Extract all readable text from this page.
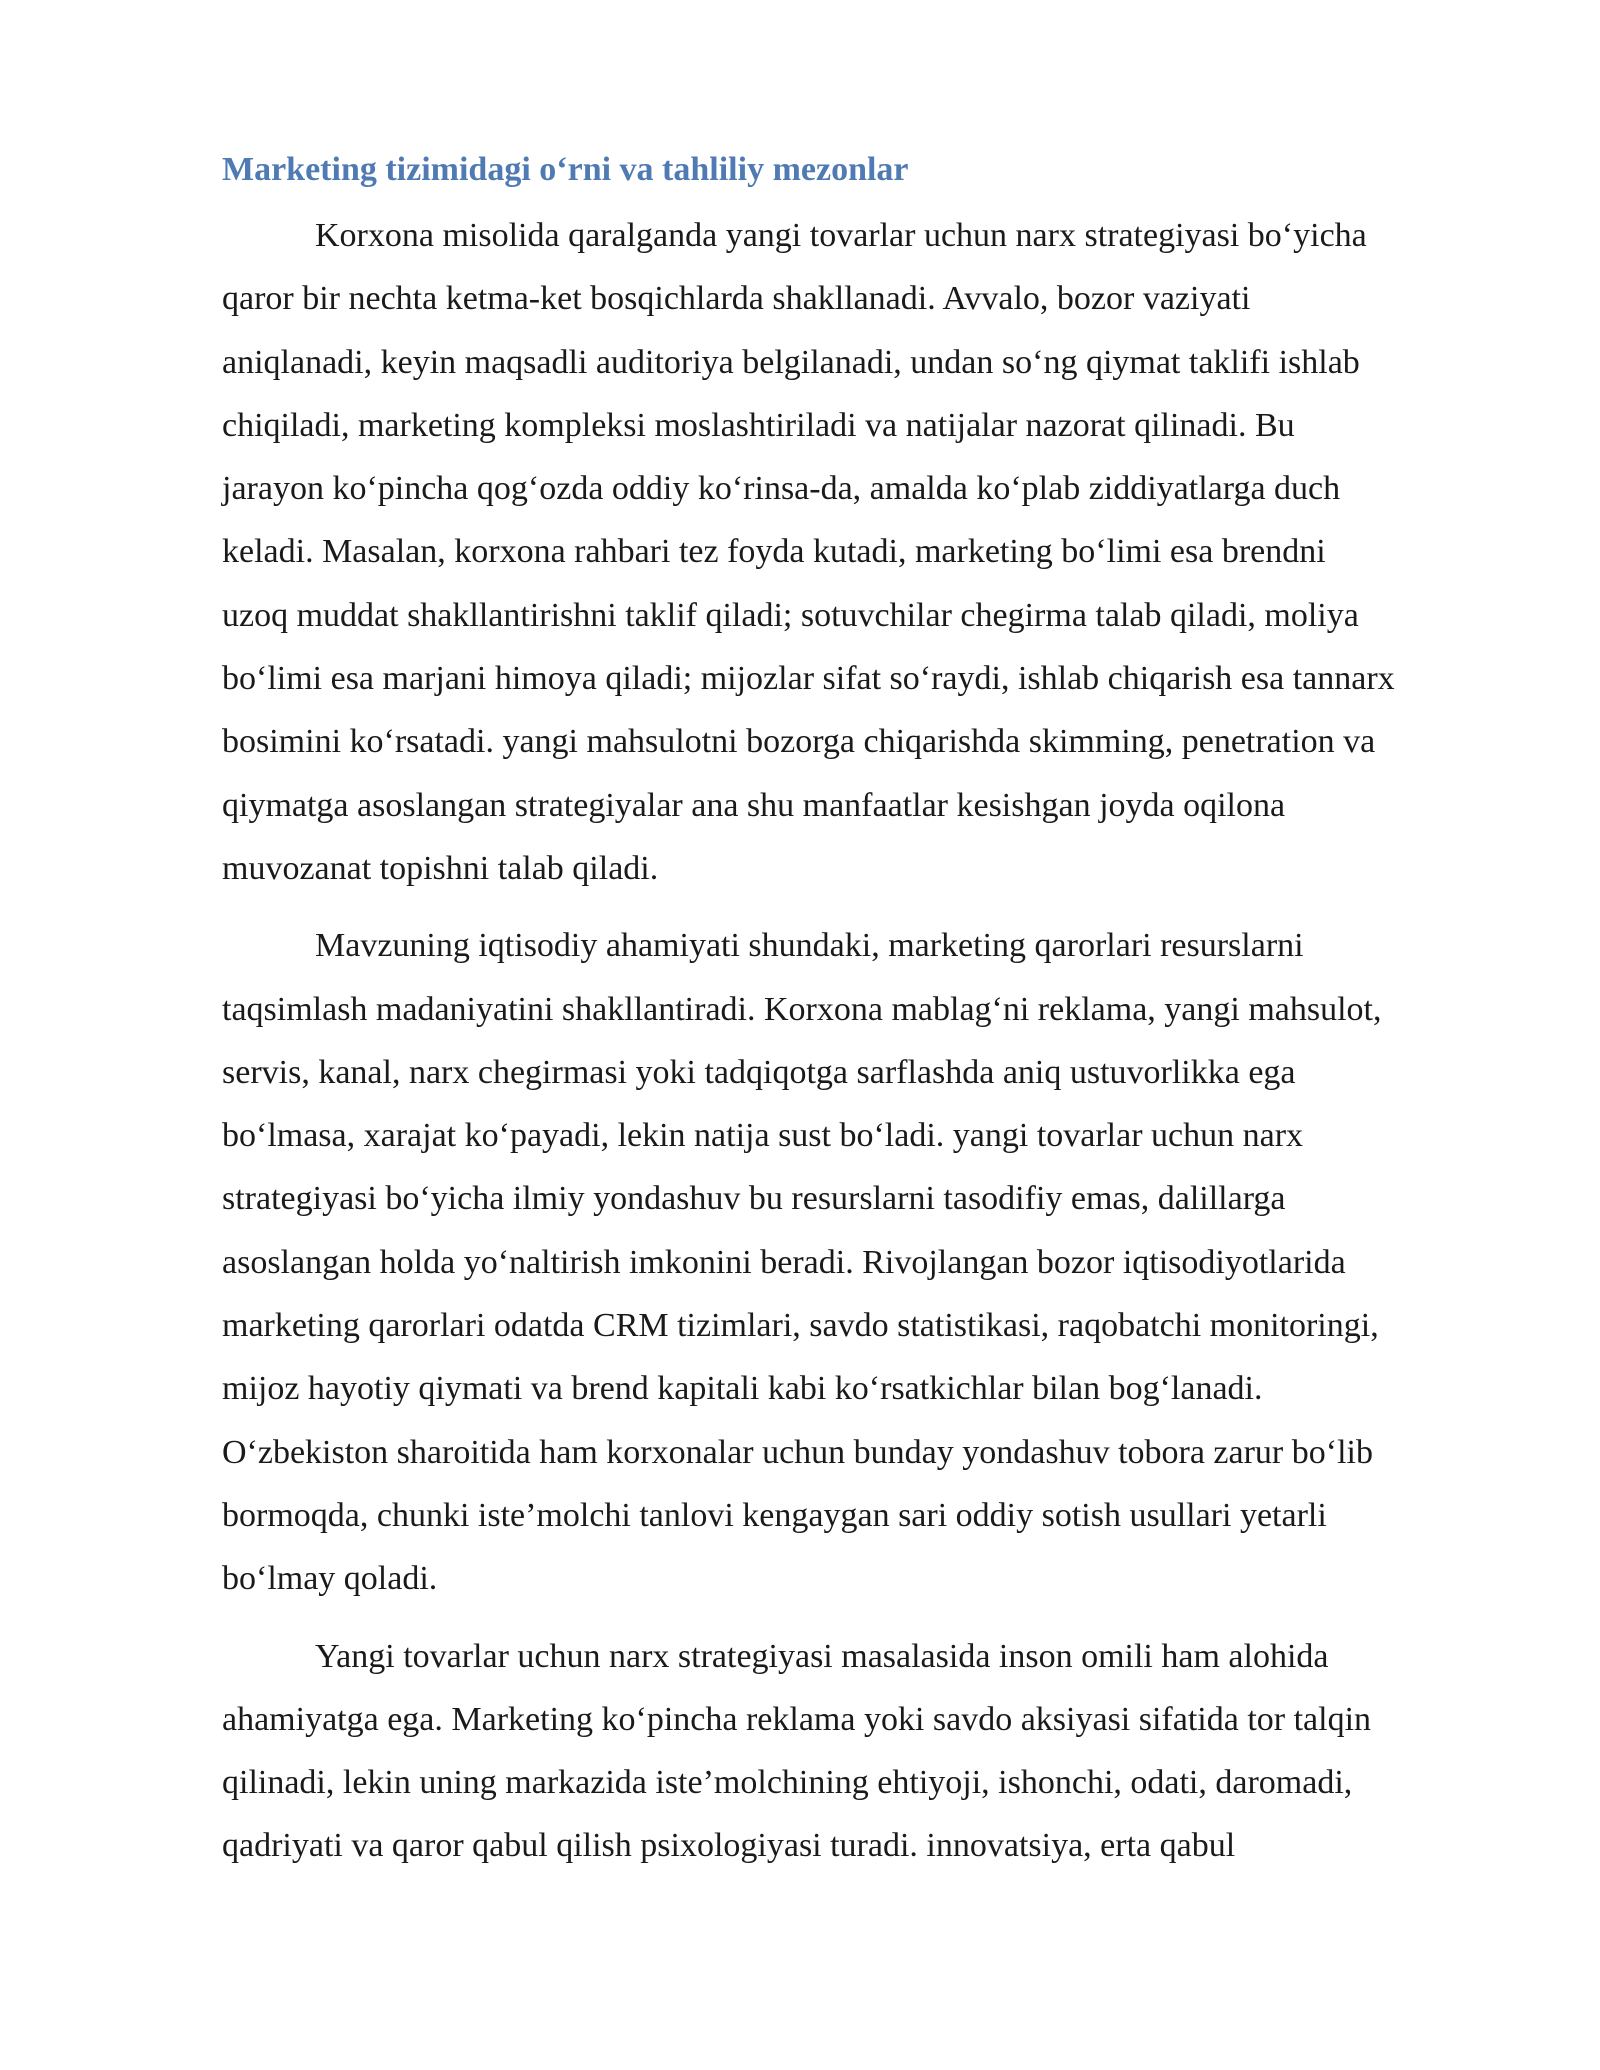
Marketing tizimidagi o‘rni va tahliliy mezonlar
Korxona misolida qaralganda yangi tovarlar uchun narx strategiyasi bo‘yicha
qaror bir nechta ketma-ket bosqichlarda shakllanadi. Avvalo, bozor vaziyati
aniqlanadi, keyin maqsadli auditoriya belgilanadi, undan so‘ng qiymat taklifi ishlab
chiqiladi, marketing kompleksi moslashtiriladi va natijalar nazorat qilinadi. Bu
jarayon ko‘pincha qog‘ozda oddiy ko‘rinsa-da, amalda ko‘plab ziddiyatlarga duch
keladi. Masalan, korxona rahbari tez foyda kutadi, marketing bo‘limi esa brendni
uzoq muddat shakllantirishni taklif qiladi; sotuvchilar chegirma talab qiladi, moliya
bo‘limi esa marjani himoya qiladi; mijozlar sifat so‘raydi, ishlab chiqarish esa tannarx
bosimini ko‘rsatadi. yangi mahsulotni bozorga chiqarishda skimming, penetration va
qiymatga asoslangan strategiyalar ana shu manfaatlar kesishgan joyda oqilona
muvozanat topishni talab qiladi.
Mavzuning iqtisodiy ahamiyati shundaki, marketing qarorlari resurslarni
taqsimlash madaniyatini shakllantiradi. Korxona mablag‘ni reklama, yangi mahsulot,
servis, kanal, narx chegirmasi yoki tadqiqotga sarflashda aniq ustuvorlikka ega
bo‘lmasa, xarajat ko‘payadi, lekin natija sust bo‘ladi. yangi tovarlar uchun narx
strategiyasi bo‘yicha ilmiy yondashuv bu resurslarni tasodifiy emas, dalillarga
asoslangan holda yo‘naltirish imkonini beradi. Rivojlangan bozor iqtisodiyotlarida
marketing qarorlari odatda CRM tizimlari, savdo statistikasi, raqobatchi monitoringi,
mijoz hayotiy qiymati va brend kapitali kabi ko‘rsatkichlar bilan bog‘lanadi.
O‘zbekiston sharoitida ham korxonalar uchun bunday yondashuv tobora zarur bo‘lib
bormoqda, chunki iste’molchi tanlovi kengaygan sari oddiy sotish usullari yetarli
bo‘lmay qoladi.
Yangi tovarlar uchun narx strategiyasi masalasida inson omili ham alohida
ahamiyatga ega. Marketing ko‘pincha reklama yoki savdo aksiyasi sifatida tor talqin
qilinadi, lekin uning markazida iste’molchining ehtiyoji, ishonchi, odati, daromadi,
qadriyati va qaror qabul qilish psixologiyasi turadi. innovatsiya, erta qabul
